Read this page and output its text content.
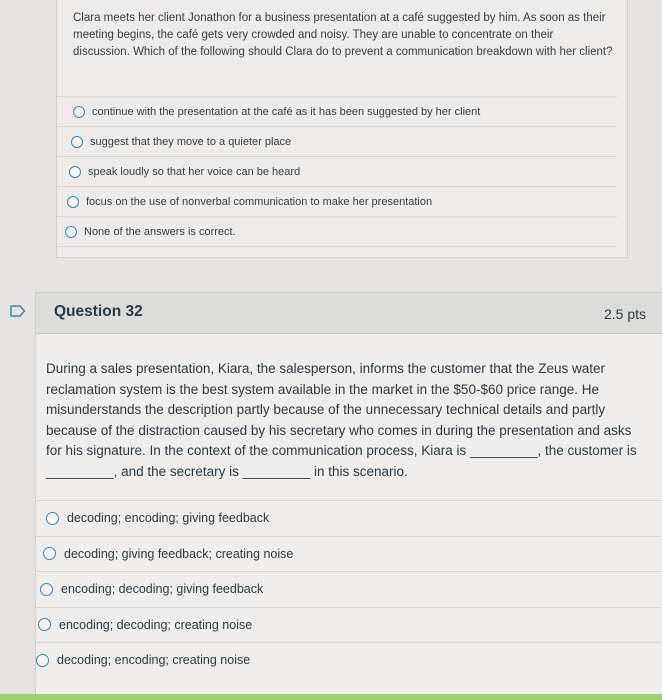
Clara meets her client Jonathon for a business presentation at a café suggested by him. As soon as their meeting begins, the café gets very crowded and noisy. They are unable to concentrate on their discussion. Which of the following should Clara do to prevent a communication breakdown with her client?
continue with the presentation at the café as it has been suggested by her client
suggest that they move to a quieter place
speak loudly so that her voice can be heard
focus on the use of nonverbal communication to make her presentation
None of the answers is correct.
Question 32	2.5 pts
During a sales presentation, Kiara, the salesperson, informs the customer that the Zeus water reclamation system is the best system available in the market in the $50-$60 price range. He misunderstands the description partly because of the unnecessary technical details and partly because of the distraction caused by his secretary who comes in during the presentation and asks for his signature. In the context of the communication process, Kiara is _________, the customer is _________, and the secretary is _________ in this scenario.
decoding; encoding; giving feedback
decoding; giving feedback; creating noise
encoding; decoding; giving feedback
encoding; decoding; creating noise
decoding; encoding; creating noise
